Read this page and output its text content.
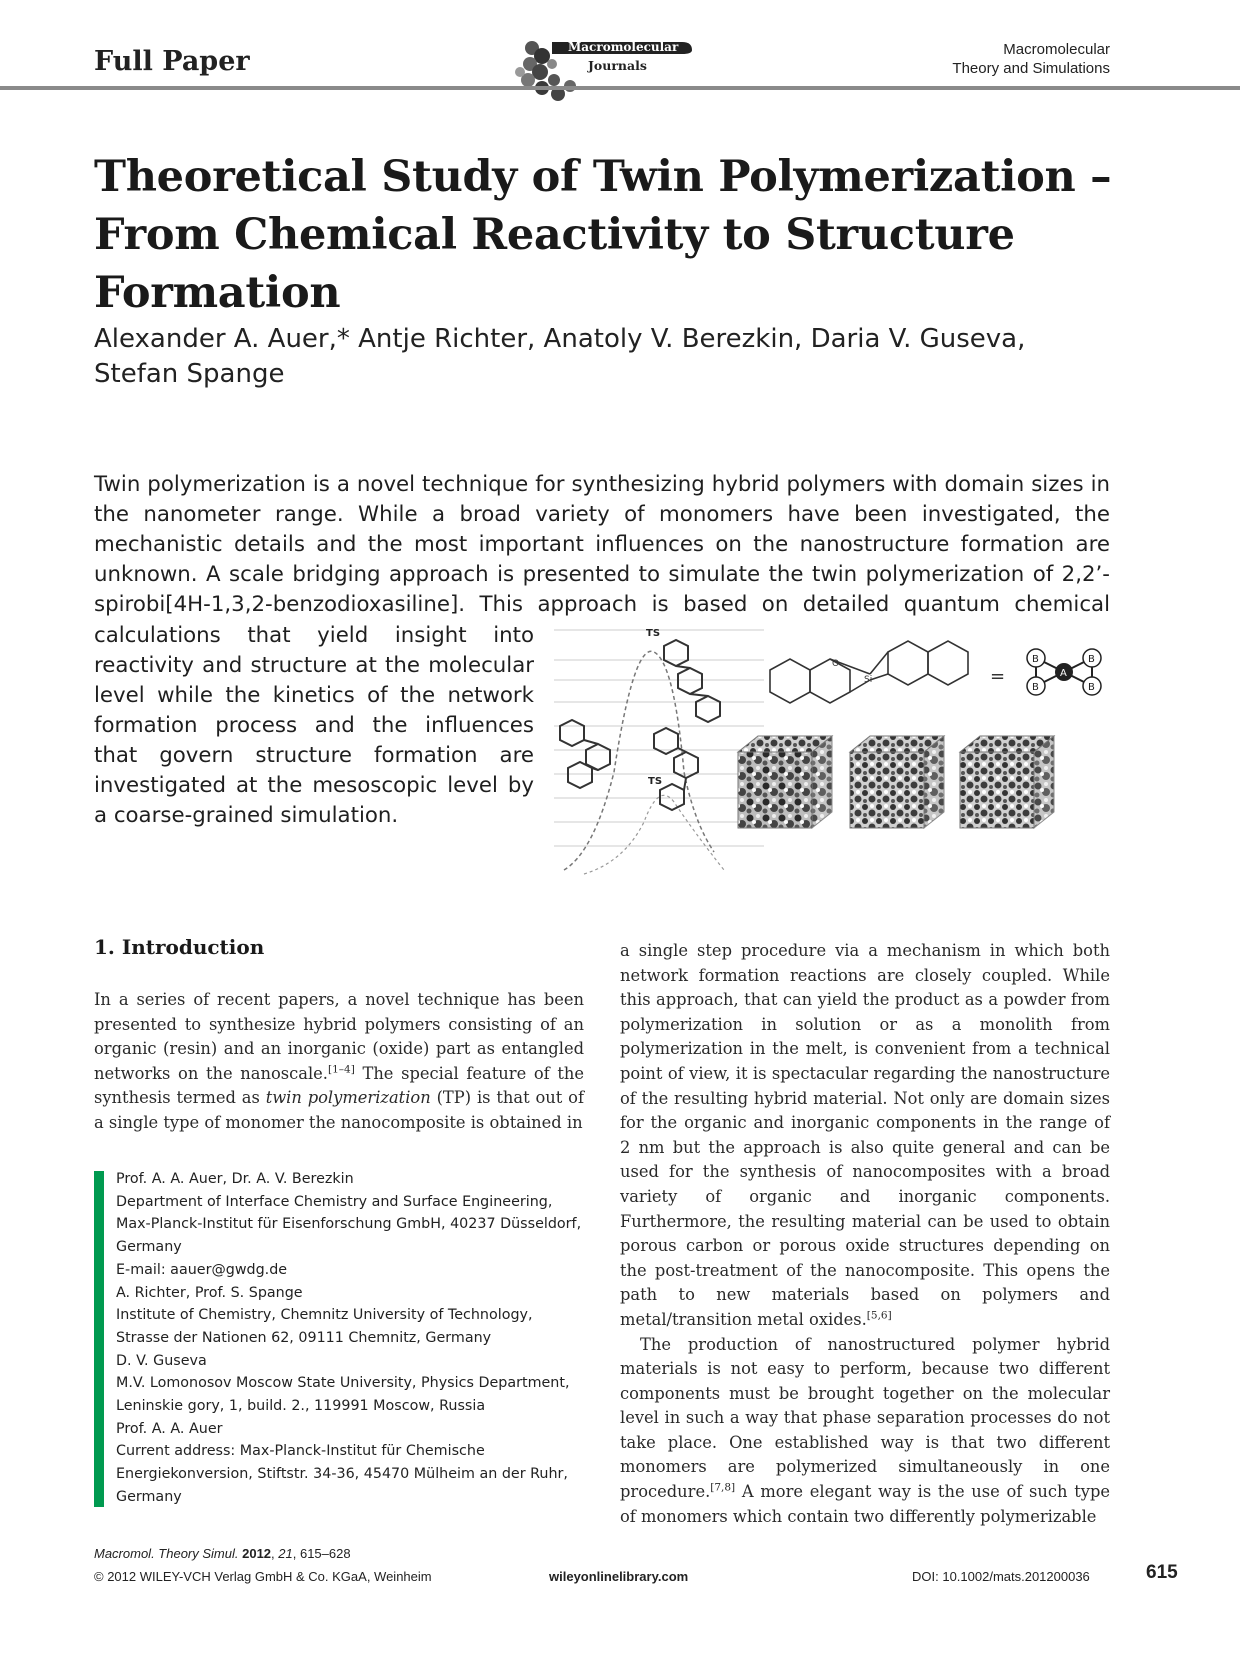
Full Paper	Macromolecular
Journals
Macromolecular
Theory and Simulations
Theoretical Study of Twin Polymerization –
From Chemical Reactivity to Structure Formation
Alexander A. Auer,* Antje Richter, Anatoly V. Berezkin, Daria V. Guseva,
Stefan Spange
Twin polymerization is a novel technique for synthesizing hybrid polymers with domain sizes in the nanometer range. While a broad variety of monomers have been investigated, the mechanistic details and the most important influences on the nanostructure formation are unknown. A scale bridging approach is presented to simulate the twin polymerization of 2,2’-spirobi[4H-1,3,2-benzodioxasiline]. This approach is based on detailed quantum chemical
calculations that yield insight into reactivity and structure at the molecular level while the kinetics of the network formation process and the influences that govern structure formation are investigated at the mesoscopic level by a coarse-grained simulation.
TS
TS
O
Si	=
B
B
B
B
A
1. Introduction

In a series of recent papers, a novel technique has been presented to synthesize hybrid polymers consisting of an organic (resin) and an inorganic (oxide) part as entangled networks on the nanoscale.[1–4] The special feature of the synthesis termed as twin polymerization (TP) is that out of a single type of monomer the nanocomposite is obtained in

a single step procedure via a mechanism in which both network formation reactions are closely coupled. While this approach, that can yield the product as a powder from polymerization in solution or as a monolith from polymerization in the melt, is convenient from a technical point of view, it is spectacular regarding the nanostructure of the resulting hybrid material. Not only are domain sizes for the organic and inorganic components in the range of 2 nm but the approach is also quite general and can be used for the synthesis of nanocomposites with a broad variety of organic and inorganic components. Furthermore, the resulting material can be used to obtain porous carbon or porous oxide structures depending on the post-treatment of the nanocomposite. This opens the path to new materials based on polymers and metal/transition metal oxides.[5,6]

The production of nanostructured polymer hybrid materials is not easy to perform, because two different components must be brought together on the molecular level in such a way that phase separation processes do not take place. One established way is that two different monomers are polymerized simultaneously in one procedure.[7,8] A more elegant way is the use of such type of monomers which contain two differently polymerizable

Prof. A. A. Auer, Dr. A. V. Berezkin
Department of Interface Chemistry and Surface Engineering,
Max-Planck-Institut für Eisenforschung GmbH, 40237 Düsseldorf,
Germany
E-mail: aauer@gwdg.de
A. Richter, Prof. S. Spange
Institute of Chemistry, Chemnitz University of Technology,
Strasse der Nationen 62, 09111 Chemnitz, Germany
D. V. Guseva
M.V. Lomonosov Moscow State University, Physics Department,
Leninskie gory, 1, build. 2., 119991 Moscow, Russia
Prof. A. A. Auer
Current address: Max-Planck-Institut für Chemische
Energiekonversion, Stiftstr. 34-36, 45470 Mülheim an der Ruhr,
Germany
Macromol. Theory Simul. 2012, 21, 615–628
© 2012 WILEY-VCH Verlag GmbH & Co. KGaA, Weinheim	wileyonlinelibrary.com	DOI: 10.1002/mats.201200036	615
